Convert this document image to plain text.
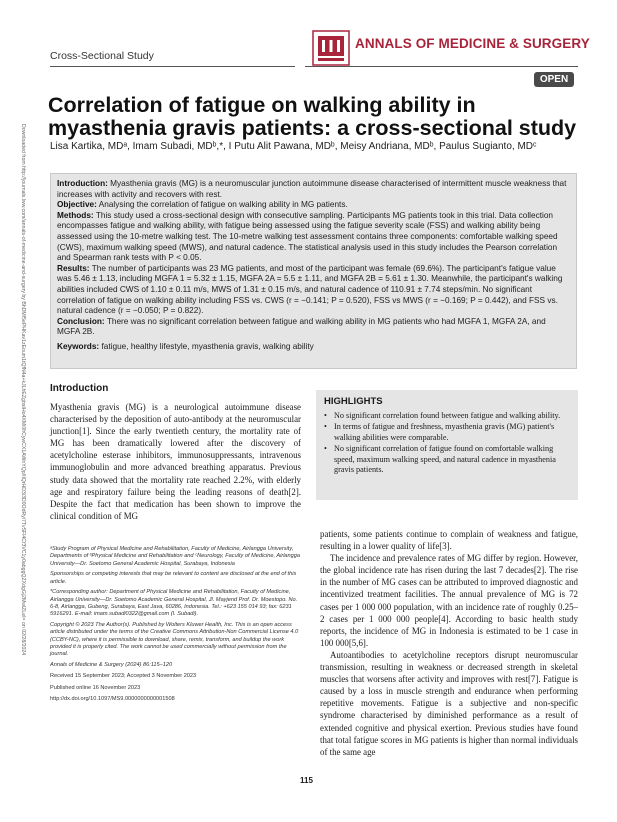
Cross-Sectional Study
ANNALS OF MEDICINE & SURGERY
OPEN
Downloaded from http://journals.lww.com/annals-of-medicine-and-surgery by BhDMf5ePHKav1zEoum1tQfN4a+kJLhEZgbsIHo4XMi0hCywCX1AWnYQp/IlQrHD3i3D0OdRyi7TvSFl4Cf3VC1y0abggQZXdgGj2MwlZLeI= on 02/28/2024
Correlation of fatigue on walking ability in myasthenia gravis patients: a cross-sectional study
Lisa Kartika, MDᵃ, Imam Subadi, MDᵇ,*, I Putu Alit Pawana, MDᵇ, Meisy Andriana, MDᵇ, Paulus Sugianto, MDᶜ

Introduction: Myasthenia gravis (MG) is a neuromuscular junction autoimmune disease characterised of intermittent muscle weakness that increases with activity and recovers with rest.

Objective: Analysing the correlation of fatigue on walking ability in MG patients.

Methods: This study used a cross-sectional design with consecutive sampling. Participants MG patients took in this trial. Data collection encompasses fatigue and walking ability, with fatigue being assessed using the fatigue severity scale (FSS) and walking ability being assessed using the 10-metre walking test. The 10-metre walking test assessment contains three components: comfortable walking speed (CWS), maximum walking speed (MWS), and natural cadence. The statistical analysis used in this study includes the Pearson correlation and Spearman rank tests with P < 0.05.

Results: The number of participants was 23 MG patients, and most of the participant was female (69.6%). The participant's fatigue value was 5.46 ± 1.13, including MGFA 1 = 5.32 ± 1.15, MGFA 2A = 5.5 ± 1.11, and MGFA 2B = 5.61 ± 1.30. Meanwhile, the participant's walking abilities included CWS of 1.10 ± 0.11 m/s, MWS of 1.31 ± 0.15 m/s, and natural cadence of 110.91 ± 7.74 steps/min. No significant correlation of fatigue on walking ability including FSS vs. CWS (r = −0.141; P = 0.520), FSS vs MWS (r = −0.169; P = 0.442), and FSS vs. natural cadence (r = −0.050; P = 0.822).

Conclusion: There was no significant correlation between fatigue and walking ability in MG patients who had MGFA 1, MGFA 2A, and MGFA 2B.

Keywords: fatigue, healthy lifestyle, myasthenia gravis, walking ability

Introduction
Myasthenia gravis (MG) is a neurological autoimmune disease characterised by the deposition of auto-antibody at the neuromuscular junction[1]. Since the early twentieth century, the mortality rate of MG has been dramatically lowered after the discovery of acetylcholine esterase inhibitors, immunosuppressants, intravenous immunoglobulin and more advanced breathing apparatus. Previous study data showed that the mortality rate reached 2.2%, with elderly age and respiratory failure being the leading reasons of death[2]. Despite the fact that medication has been shown to improve the clinical condition of MG
HIGHLIGHTS
• No significant correlation found between fatigue and walking ability.
• In terms of fatigue and freshness, myasthenia gravis (MG) patient's walking abilities were comparable.
• No significant correlation of fatigue found on comfortable walking speed, maximum walking speed, and natural cadence in myasthenia gravis patients.

ᵃStudy Program of Physical Medicine and Rehabilitation, Faculty of Medicine, Airlangga University, Departments of ᵇPhysical Medicine and Rehabilitation and ᶜNeurology, Faculty of Medicine, Airlangga University—Dr. Soetomo General Academic Hospital, Surabaya, Indonesia

Sponsorships or competing interests that may be relevant to content are disclosed at the end of this article.

*Corresponding author: Department of Physical Medicine and Rehabilitation, Faculty of Medicine, Airlangga University—Dr. Soetomo Academic General Hospital, Jl. Mayjend Prof. Dr. Moestopo. No. 6-8, Airlangga, Gubeng, Surabaya, East Java, 60286, Indonesia. Tel.: +623 155 014 93; fax: 6231 5916291. E-mail: imam.subadi0322@gmail.com (I. Subadi).

Copyright © 2023 The Author(s). Published by Wolters Kluwer Health, Inc. This is an open access article distributed under the terms of the Creative Commons Attribution-Non Commercial License 4.0 (CCBY-NC), where it is permissible to download, share, remix, transform, and buildup the work provided it is properly cited. The work cannot be used commercially without permission from the journal.

Annals of Medicine & Surgery (2024) 86:115–120

Received 15 September 2023; Accepted 3 November 2023

Published online 16 November 2023

http://dx.doi.org/10.1097/MS9.0000000000001508

patients, some patients continue to complain of weakness and fatigue, resulting in a lower quality of life[3].

The incidence and prevalence rates of MG differ by region. However, the global incidence rate has risen during the last 7 decades[2]. The rise in the number of MG cases can be attributed to improved diagnostic and incentivized treatment facilities. The annual prevalence of MG is 72 cases per 1 000 000 population, with an incidence rate of roughly 0.25–2 cases per 1 000 000 people[4]. According to basic health study reports, the incidence of MG in Indonesia is estimated to be 1 case in 100 000[5,6].

Autoantibodies to acetylcholine receptors disrupt neuromuscular transmission, resulting in weakness or decreased strength in skeletal muscles that worsens after activity and improves with rest[7]. Fatigue is caused by a loss in muscle strength and endurance when performing repetitive movements. Fatigue is a subjective and non-specific syndrome characterised by diminished performance as a result of extended cognitive and physical exertion. Previous studies have found that total fatigue scores in MG patients is higher than normal individuals of the same age

115
